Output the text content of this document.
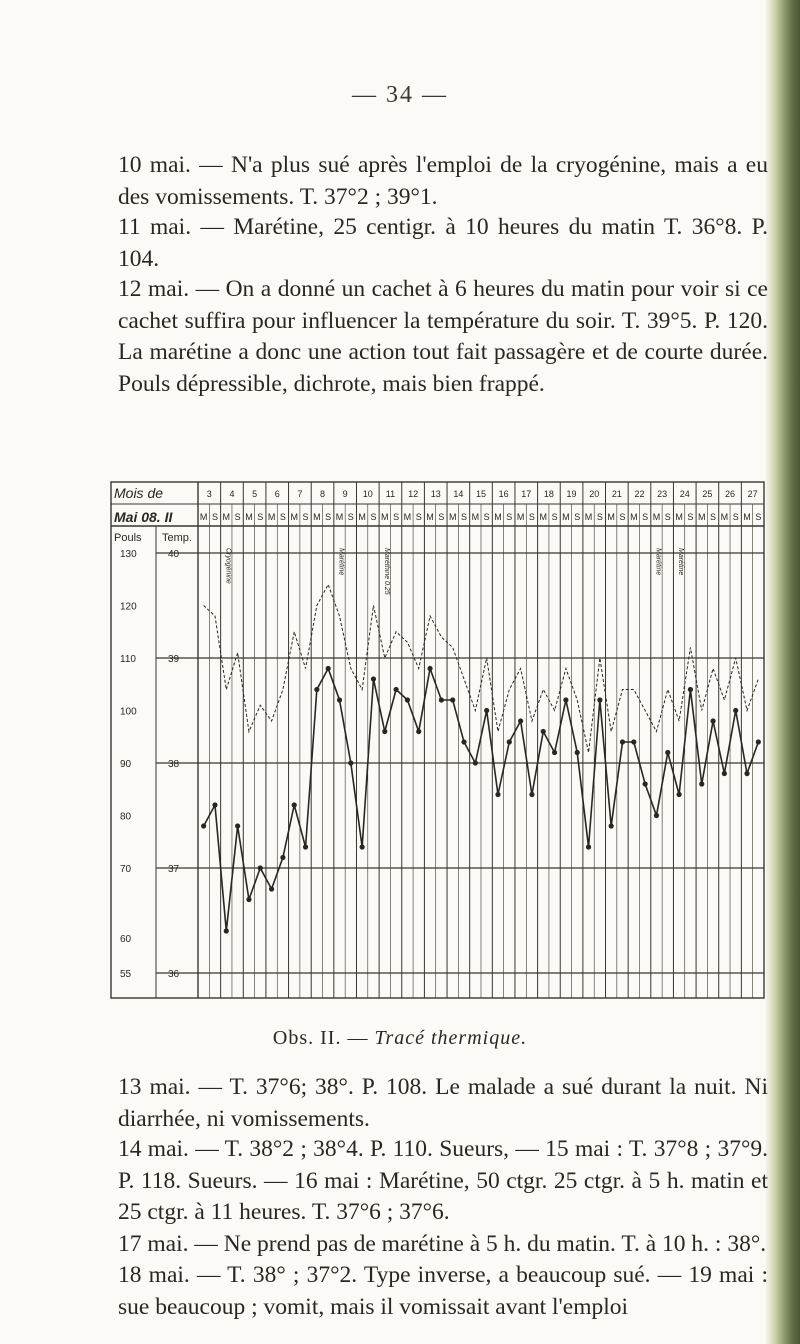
— 34 —

10 mai. — N'a plus sué après l'emploi de la cryogénine, mais a eu des vomissements. T. 37°2 ; 39°1.

11 mai. — Marétine, 25 centigr. à 10 heures du matin T. 36°8. P. 104.

12 mai. — On a donné un cachet à 6 heures du matin pour voir si ce cachet suffira pour influencer la température du soir. T. 39°5. P. 120. La marétine a donc une action tout fait passagère et de courte durée. Pouls dépressible, dichrote, mais bien frappé.

Mois de
Mai 08. II
Pouls Temp.
3
M S
4
M S
5
M S
6
M S
7
M S
8
M S
9
M S
10
M S
11
M S
12
M S
13
M S
14
M S
15
M S
16
M S
17
M S
18
M S
19
M S
20
M S
21
M S
22
M S
23
M S
24
M S
25
M S
26
M S
27
M S
40
39
38
37
36
130
120
110
100
90
80
70
60
55
Cryogénine	Marétine	Maréthine 0.25	Marétine Marétine
Obs. II. — Tracé thermique.

13 mai. — T. 37°6; 38°. P. 108. Le malade a sué durant la nuit. Ni diarrhée, ni vomissements.

14 mai. — T. 38°2 ; 38°4. P. 110. Sueurs, — 15 mai : T. 37°8 ; 37°9. P. 118. Sueurs. — 16 mai : Marétine, 50 ctgr. 25 ctgr. à 5 h. matin et 25 ctgr. à 11 heures. T. 37°6 ; 37°6.

17 mai. — Ne prend pas de marétine à 5 h. du matin. T. à 10 h. : 38°.

18 mai. — T. 38° ; 37°2. Type inverse, a beaucoup sué. — 19 mai : sue beaucoup ; vomit, mais il vomissait avant l'emploi
